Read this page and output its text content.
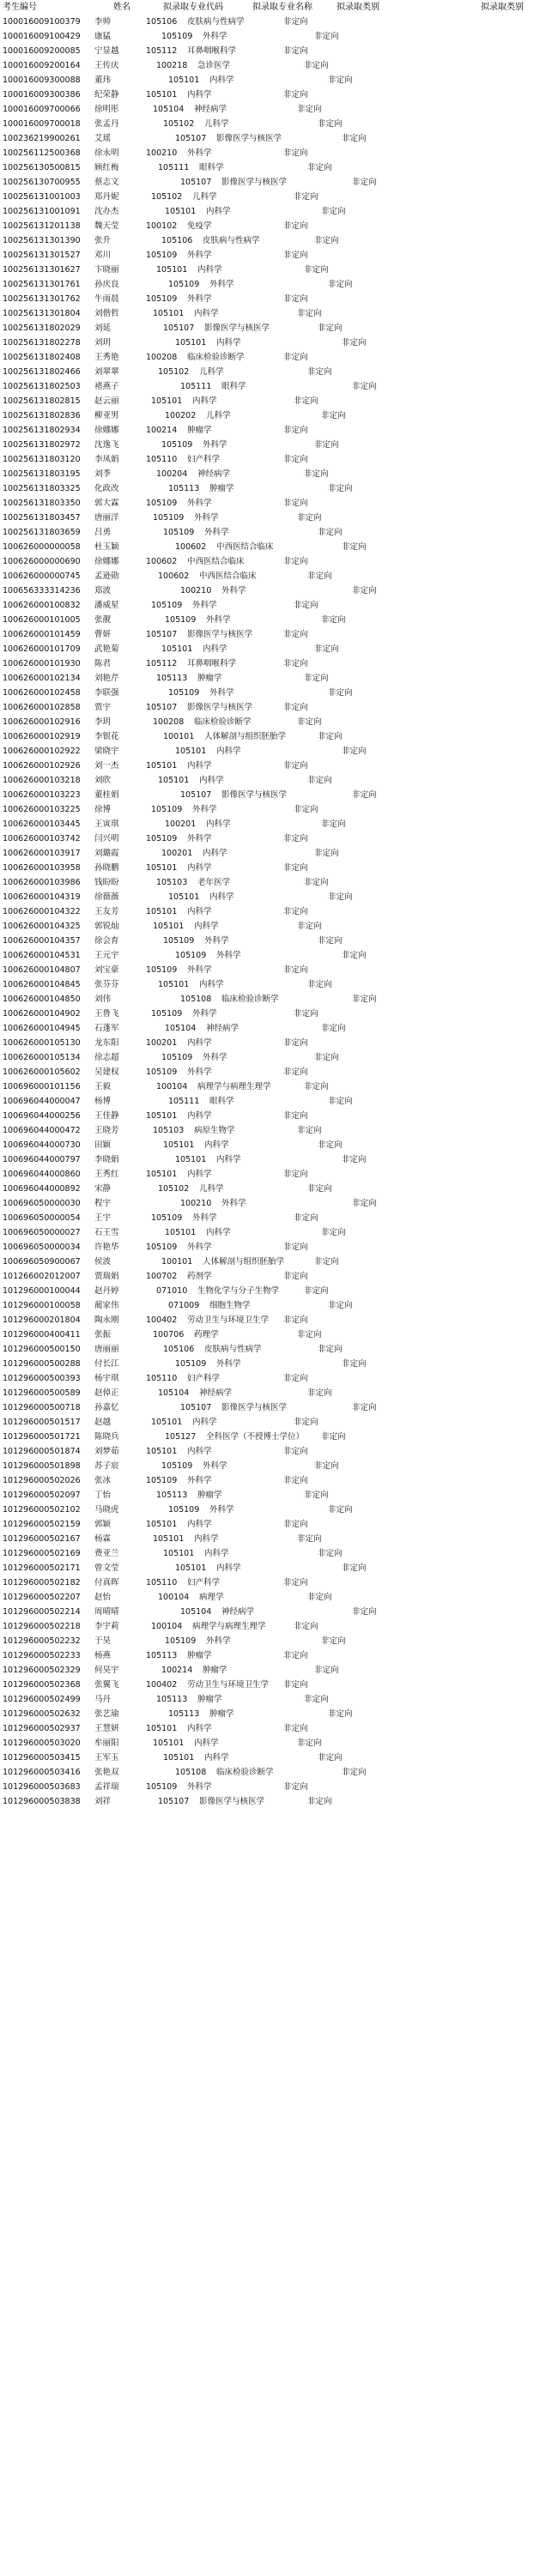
考生编号	姓名	拟录取专业代码	拟录取专业名称	拟录取类别	拟录取类别
100016009100379 李帅	105106 皮肤病与性病学	非定向
100016009100429 康猛	105109 外科学	非定向
100016009200085 宁显越	105112 耳鼻咽喉科学	非定向
100016009200164 王传庆	100218 急诊医学	非定向
100016009300088 董玮	105101 内科学	非定向
100016009300386 纪荣静	105101 内科学	非定向
100016009700066 徐明彤	105104 神经病学	非定向
100016009700018 张孟丹	105102 儿科学	非定向
100236219900261 艾瑶	105107 影像医学与核医学	非定向
100256112500368 徐永明	100210 外科学	非定向
100256130500815 顾红梅	105111 眼科学	非定向
100256130700955 蔡志文	105107 影像医学与核医学	非定向
100256131001003 郑丹妮	105102 儿科学	非定向
100256131001091 沈办杰	105101 内科学	非定向
100256131201138 魏天莹	100102 免疫学	非定向
100256131301390 张升	105106 皮肤病与性病学	非定向
100256131301527 邓川	105109 外科学	非定向
100256131301627 卞晓丽	105101 内科学	非定向
100256131301761 孙庆良	105109 外科学	非定向
100256131301762 牛雨晨	105109 外科学	非定向
100256131301804 刘偕哲	105101 内科学	非定向
100256131802029 刘延	105107 影像医学与核医学	非定向
100256131802278 刘玥	105101 内科学	非定向
100256131802408 王秀艳	100208 临床检验诊断学	非定向
100256131802466 刘翠翠	105102 儿科学	非定向
100256131802503 褚燕子	105111 眼科学	非定向
100256131802815 赵云丽	105101 内科学	非定向
100256131802836 柳亚男	100202 儿科学	非定向
100256131802934 徐娜娜	100214 肿瘤学	非定向
100256131802972 沈逸飞	105109 外科学	非定向
100256131803120 李凤娟	105110 妇产科学	非定向
100256131803195 刘季	100204 神经病学	非定向
100256131803325 化政改	105113 肿瘤学	非定向
100256131803350 郭大霖	105109 外科学	非定向
100256131803457 唐丽洋	105109 外科学	非定向
100256131803659 吕勇	105109 外科学	非定向
100626000000058 杜玉颖	100602 中西医结合临床	非定向
100626000000690 徐娜娜	100602 中西医结合临床	非定向
100626000000745 孟逊勋	100602 中西医结合临床	非定向
100656333314236 郑波	100210 外科学	非定向
100626000100832 潘威星	105109 外科学	非定向
100626000101005 张靓	105109 外科学	非定向
100626000101459 曹妍	105107 影像医学与核医学	非定向
100626000101709 武艳菊	105101 内科学	非定向
100626000101930 陈君	105112 耳鼻咽喉科学	非定向
100626000102134 刘艳芹	105113 肿瘤学	非定向
100626000102458 李联强	105109 外科学	非定向
100626000102858 贾宇	105107 影像医学与核医学	非定向
100626000102916 李玥	100208 临床检验诊断学	非定向
100626000102919 李银花	100101 人体解剖与组织胚胎学	非定向
100626000102922 梁晓宇	105101 内科学	非定向
100626000102926 刘一杰	105101 内科学	非定向
100626000103218 刘欣	105101 内科学	非定向
100626000103223 董桂娟	105107 影像医学与核医学	非定向
100626000103225 徐博	105109 外科学	非定向
100626000103445 王寅琪	100201 内科学	非定向
100626000103742 闫兴明	105109 外科学	非定向
100626000103917 刘璐霞	100201 内科学	非定向
100626000103958 孙晓鹏	105101 内科学	非定向
100626000103986 钱盼盼	105103 老年医学	非定向
100626000104319 徐薇薇	105101 内科学	非定向
100626000104322 王友芳	105101 内科学	非定向
100626000104325 郭锐灿	105101 内科学	非定向
100626000104357 徐会育	105109 外科学	非定向
100626000104531 王元宇	105109 外科学	非定向
100626000104807 刘宝豪	105109 外科学	非定向
100626000104845 张芬芬	105101 内科学	非定向
100626000104850 刘伟	105108 临床检验诊断学	非定向
100626000104902 王鲁飞	105109 外科学	非定向
100626000104945 石蓬军	105104 神经病学	非定向
100626000105130 龙东阳	100201 内科学	非定向
100626000105134 徐志超	105109 外科学	非定向
100626000105602 吴建权	105109 外科学	非定向
100696000101156 王毅	100104 病理学与病理生理学	非定向
100696044000047 杨博	105111 眼科学	非定向
100696044000256 王佳静	105101 内科学	非定向
100696044000472 王晓芳	105103 病原生物学	非定向
100696044000730 田颖	105101 内科学	非定向
100696044000797 李晓娟	105101 内科学	非定向
100696044000860 王秀红	105101 内科学	非定向
100696044000892 宋静	105102 儿科学	非定向
100696050000030 程宇	100210 外科学	非定向
100696050000054 王宇	105109 外科学	非定向
100696050000027 石王雪	105101 内科学	非定向
100696050000034 许艳华	105109 外科学	非定向
100696050900067 侯波	100101 人体解剖与组织胚胎学	非定向
101266002012007 贾瑞娟	100702 药剂学	非定向
101296000100044 赵丹婷	071010 生物化学与分子生物学	非定向
101296000100058 蔺家伟	071009 细胞生物学	非定向
101296000201804 陶永刚	100402 劳动卫生与环境卫生学 非定向
101296000400411 张振	100706 药理学	非定向
101296000500150 唐丽丽	105106 皮肤病与性病学	非定向
101296000500288 付长江	105109 外科学	非定向
101296000500393 杨宇琪	105110 妇产科学	非定向
101296000500589 赵倬正	105104 神经病学	非定向
101296000500718 孙嘉忆	105107 影像医学与核医学	非定向
101296000501517 赵越	105101 内科学	非定向
101296000501721 陈晓兵	105127 全科医学（不授博士学位） 非定向
101296000501874 刘梦茹	105101 内科学	非定向
101296000501898 苏子宸	105109 外科学	非定向
101296000502026 张冰	105109 外科学	非定向
101296000502097 丁怡	105113 肿瘤学	非定向
101296000502102 马晓虎	105109 外科学	非定向
101296000502159 郭颖	105101 内科学	非定向
101296000502167 杨霖	105101 内科学	非定向
101296000502169 费亚兰	105101 内科学	非定向
101296000502171 曾文莹	105101 内科学	非定向
101296000502182 付真晖	105110 妇产科学	非定向
101296000502207 赵怡	100104 病理学	非定向
101296000502214 周晴晴	105104 神经病学	非定向
101296000502218 李宇莉	100104 病理学与病理生理学	非定向
101296000502232 于昊	105109 外科学	非定向
101296000502233 杨燕	105113 肿瘤学	非定向
101296000502329 何昊宇	100214 肿瘤学	非定向
101296000502368 张翼飞	100402 劳动卫生与环境卫生学 非定向
101296000502499 马丹	105113 肿瘤学	非定向
101296000502632 张艺瑜	105113 肿瘤学	非定向
101296000502937 王慧妍	105101 内科学	非定向
101296000503020 牟丽阳	105101 内科学	非定向
101296000503415 王军玉	105101 内科学	非定向
101296000503416 张艳双	105108 临床检验诊断学	非定向
101296000503683 孟祥瑞	105109 外科学	非定向
101296000503838 刘祥	105107 影像医学与核医学	非定向
